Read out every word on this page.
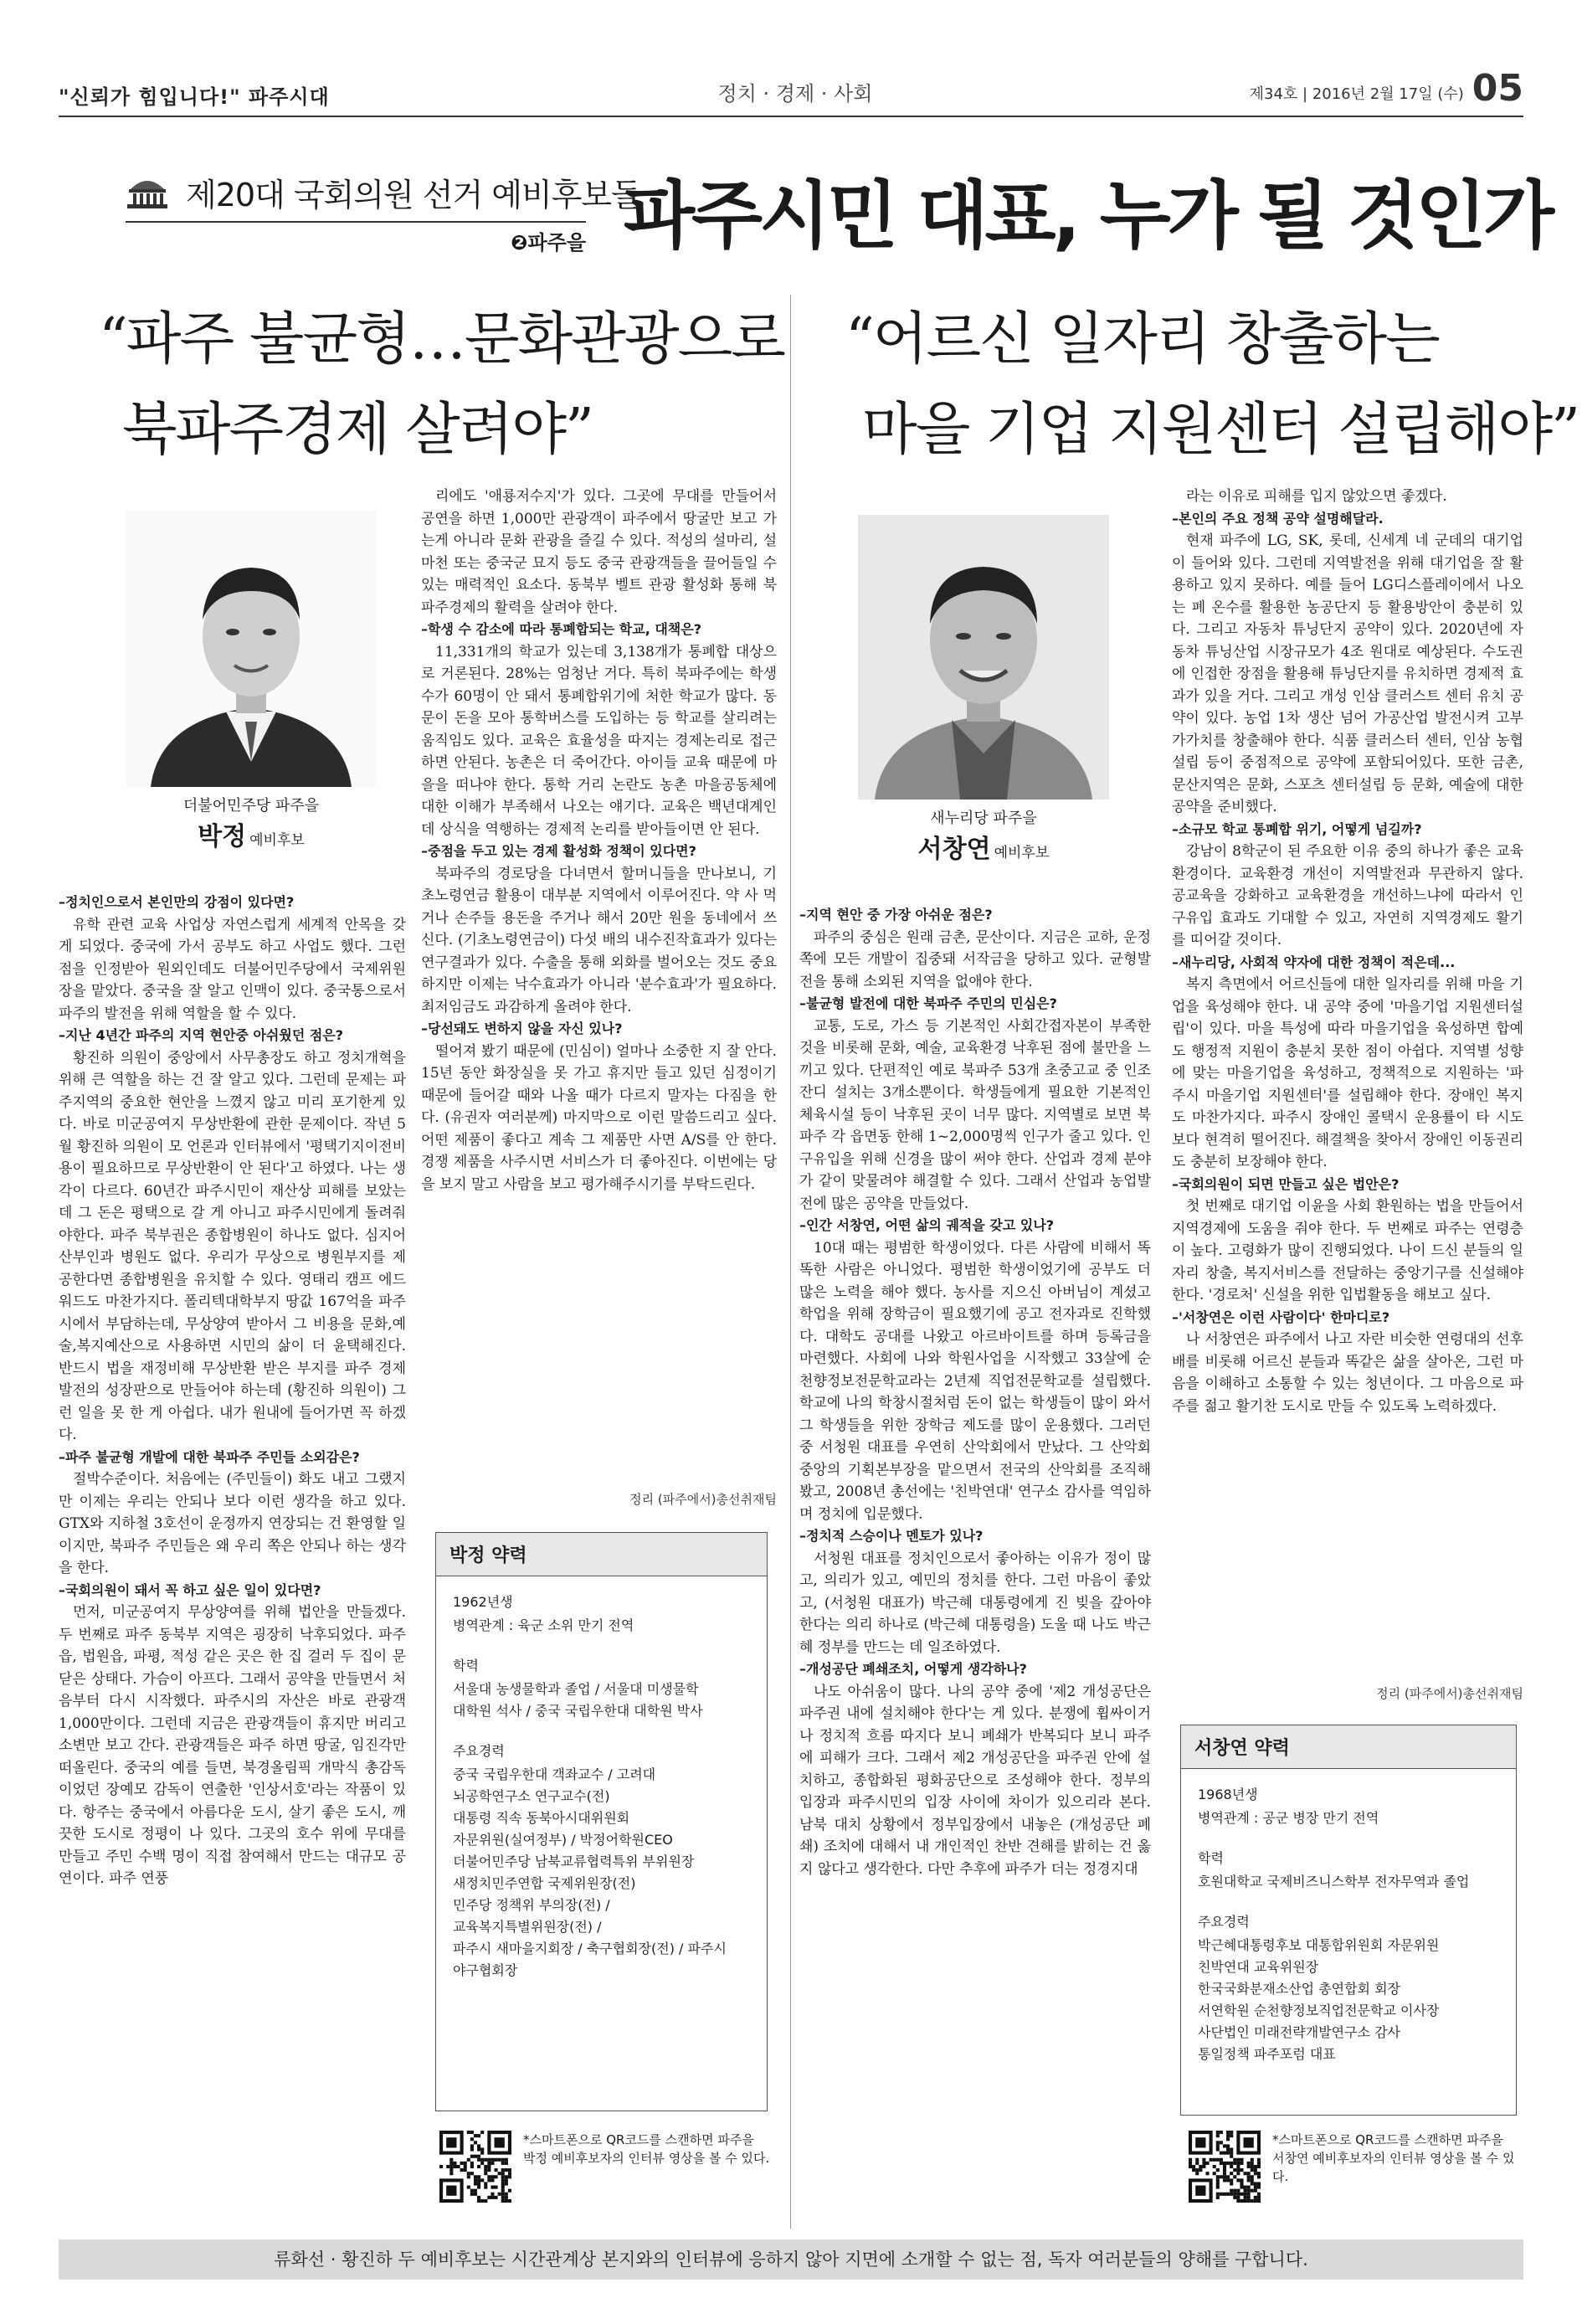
"신뢰가 힘입니다!" 파주시대	정치 · 경제 · 사회	제34호 | 2016년 2월 17일 (수) 05
제20대 국회의원 선거 예비후보들
❷파주을 파주시민 대표, 누가 될 것인가
“파주 불균형…문화관광으로
북파주경제 살려야”
더불어민주당 파주을
박정 예비후보

–정치인으로서 본인만의 강점이 있다면?

유학 관련 교육 사업상 자연스럽게 세계적 안목을 갖게 되었다. 중국에 가서 공부도 하고 사업도 했다. 그런 점을 인정받아 원외인데도 더불어민주당에서 국제위원장을 맡았다. 중국을 잘 알고 인맥이 있다. 중국통으로서 파주의 발전을 위해 역할을 할 수 있다.

–지난 4년간 파주의 지역 현안중 아쉬웠던 점은?

황진하 의원이 중앙에서 사무총장도 하고 정치개혁을 위해 큰 역할을 하는 건 잘 알고 있다. 그런데 문제는 파주지역의 중요한 현안을 느꼈지 않고 미리 포기한게 있다. 바로 미군공여지 무상반환에 관한 문제이다. 작년 5월 황진하 의원이 모 언론과 인터뷰에서 '평택기지이전비용이 필요하므로 무상반환이 안 된다'고 하였다. 나는 생각이 다르다. 60년간 파주시민이 재산상 피해를 보았는데 그 돈은 평택으로 갈 게 아니고 파주시민에게 돌려줘야한다. 파주 북부권은 종합병원이 하나도 없다. 심지어 산부인과 병원도 없다. 우리가 무상으로 병원부지를 제공한다면 종합병원을 유치할 수 있다. 영태리 캠프 에드워드도 마찬가지다. 폴리텍대학부지 땅값 167억을 파주시에서 부담하는데, 무상양여 받아서 그 비용을 문화,예술,복지예산으로 사용하면 시민의 삶이 더 윤택해진다. 반드시 법을 재정비해 무상반환 받은 부지를 파주 경제발전의 성장판으로 만들어야 하는데 (황진하 의원이) 그런 일을 못 한 게 아쉽다. 내가 원내에 들어가면 꼭 하겠다.

–파주 불균형 개발에 대한 북파주 주민들 소외감은?

절박수준이다. 처음에는 (주민들이) 화도 내고 그랬지만 이제는 우리는 안되나 보다 이런 생각을 하고 있다. GTX와 지하철 3호선이 운정까지 연장되는 건 환영할 일이지만, 북파주 주민들은 왜 우리 쪽은 안되나 하는 생각을 한다.

–국회의원이 돼서 꼭 하고 싶은 일이 있다면?

먼저, 미군공여지 무상양여를 위해 법안을 만들겠다. 두 번째로 파주 동북부 지역은 굉장히 낙후되었다. 파주읍, 법원읍, 파평, 적성 같은 곳은 한 집 걸러 두 집이 문 닫은 상태다. 가슴이 아프다. 그래서 공약을 만들면서 처음부터 다시 시작했다. 파주시의 자산은 바로 관광객 1,000만이다. 그런데 지금은 관광객들이 휴지만 버리고 소변만 보고 간다. 관광객들은 파주 하면 땅굴, 임진각만 떠올린다. 중국의 예를 들면, 북경올림픽 개막식 총감독이었던 장예모 감독이 연출한 '인상서호'라는 작품이 있다. 항주는 중국에서 아름다운 도시, 살기 좋은 도시, 깨끗한 도시로 정평이 나 있다. 그곳의 호수 위에 무대를 만들고 주민 수백 명이 직접 참여해서 만드는 대규모 공연이다. 파주 연풍

리에도 '애룡저수지'가 있다. 그곳에 무대를 만들어서 공연을 하면 1,000만 관광객이 파주에서 땅굴만 보고 가는게 아니라 문화 관광을 즐길 수 있다. 적성의 설마리, 설마천 또는 중국군 묘지 등도 중국 관광객들을 끌어들일 수 있는 매력적인 요소다. 동북부 벨트 관광 활성화 통해 북파주경제의 활력을 살려야 한다.

–학생 수 감소에 따라 통폐합되는 학교, 대책은?

11,331개의 학교가 있는데 3,138개가 통폐합 대상으로 거론된다. 28%는 엄청난 거다. 특히 북파주에는 학생 수가 60명이 안 돼서 통폐합위기에 처한 학교가 많다. 동문이 돈을 모아 통학버스를 도입하는 등 학교를 살리려는 움직임도 있다. 교육은 효율성을 따지는 경제논리로 접근하면 안된다. 농촌은 더 죽어간다. 아이들 교육 때문에 마을을 떠나야 한다. 통학 거리 논란도 농촌 마을공동체에 대한 이해가 부족해서 나오는 얘기다. 교육은 백년대계인데 상식을 역행하는 경제적 논리를 받아들이면 안 된다.

–중점을 두고 있는 경제 활성화 정책이 있다면?

북파주의 경로당을 다녀면서 할머니들을 만나보니, 기초노령연금 활용이 대부분 지역에서 이루어진다. 약 사 먹거나 손주들 용돈을 주거나 해서 20만 원을 동네에서 쓰신다. (기초노령연금이) 다섯 배의 내수진작효과가 있다는 연구결과가 있다. 수출을 통해 외화를 벌어오는 것도 중요하지만 이제는 낙수효과가 아니라 '분수효과'가 필요하다. 최저임금도 과감하게 올려야 한다.

–당선돼도 변하지 않을 자신 있나?

떨어져 봤기 때문에 (민심이) 얼마나 소중한 지 잘 안다. 15년 동안 화장실을 못 가고 휴지만 들고 있던 심정이기 때문에 들어갈 때와 나올 때가 다르지 말자는 다짐을 한다. (유권자 여러분께) 마지막으로 이런 말씀드리고 싶다. 어떤 제품이 좋다고 계속 그 제품만 사면 A/S를 안 한다. 경쟁 제품을 사주시면 서비스가 더 좋아진다. 이번에는 당을 보지 말고 사람을 보고 평가해주시기를 부탁드린다.

정리 (파주에서)총선취재팀
박정 약력
1962년생
병역관계 : 육군 소위 만기 전역
학력
서울대 농생물학과 졸업 / 서울대 미생물학
대학원 석사 / 중국 국립우한대 대학원 박사
주요경력
중국 국립우한대 객좌교수 / 고려대
뇌공학연구소 연구교수(전)
대통령 직속 동북아시대위원회
자문위원(실여정부) / 박정어학원CEO
더불어민주당 남북교류협력특위 부위원장
새정치민주연합 국제위원장(전)
민주당 정책위 부의장(전) /
교육복지특별위원장(전) /
파주시 새마을지회장 / 축구협회장(전) / 파주시
야구협회장
*스마트폰으로 QR코드를 스캔하면 파주을 박정 예비후보자의 인터뷰 영상을 볼 수 있다.
“어르신 일자리 창출하는
마을 기업 지원센터 설립해야”
새누리당 파주을
서창연 예비후보

–지역 현안 중 가장 아쉬운 점은?

파주의 중심은 원래 금촌, 문산이다. 지금은 교하, 운정쪽에 모든 개발이 집중돼 서작금을 당하고 있다. 균형발전을 통해 소외된 지역을 없애야 한다.

–불균형 발전에 대한 북파주 주민의 민심은?

교통, 도로, 가스 등 기본적인 사회간접자본이 부족한 것을 비롯해 문화, 예술, 교육환경 낙후된 점에 불만을 느끼고 있다. 단편적인 예로 북파주 53개 초중고교 중 인조잔디 설치는 3개소뿐이다. 학생들에게 필요한 기본적인 체육시설 등이 낙후된 곳이 너무 많다. 지역별로 보면 북파주 각 읍면동 한해 1~2,000명씩 인구가 줄고 있다. 인구유입을 위해 신경을 많이 써야 한다. 산업과 경제 분야가 같이 맞물려야 해결할 수 있다. 그래서 산업과 농업발전에 많은 공약을 만들었다.

–인간 서창연, 어떤 삶의 궤적을 갖고 있나?

10대 때는 평범한 학생이었다. 다른 사람에 비해서 똑똑한 사람은 아니었다. 평범한 학생이었기에 공부도 더 많은 노력을 해야 했다. 농사를 지으신 아버님이 계셨고 학업을 위해 장학금이 필요했기에 공고 전자과로 진학했다. 대학도 공대를 나왔고 아르바이트를 하며 등록금을 마련했다. 사회에 나와 학원사업을 시작했고 33살에 순천향정보전문학교라는 2년제 직업전문학교를 설립했다. 학교에 나의 학창시절처럼 돈이 없는 학생들이 많이 와서 그 학생들을 위한 장학금 제도를 많이 운용했다. 그러던 중 서청원 대표를 우연히 산악회에서 만났다. 그 산악회 중앙의 기획본부장을 맡으면서 전국의 산악회를 조직해봤고, 2008년 총선에는 '친박연대' 연구소 감사를 역임하며 정치에 입문했다.

–정치적 스승이나 멘토가 있나?

서청원 대표를 정치인으로서 좋아하는 이유가 정이 많고, 의리가 있고, 예민의 정치를 한다. 그런 마음이 좋았고, (서청원 대표가) 박근혜 대통령에게 진 빚을 갚아야 한다는 의리 하나로 (박근혜 대통령을) 도울 때 나도 박근혜 정부를 만드는 데 일조하였다.

–개성공단 폐쇄조치, 어떻게 생각하나?

나도 아쉬움이 많다. 나의 공약 중에 '제2 개성공단은 파주권 내에 설치해야 한다'는 게 있다. 분쟁에 휩싸이거나 정치적 흐름 따지다 보니 폐쇄가 반복되다 보니 파주에 피해가 크다. 그래서 제2 개성공단을 파주권 안에 설치하고, 종합화된 평화공단으로 조성해야 한다. 정부의 입장과 파주시민의 입장 사이에 차이가 있으리라 본다. 남북 대치 상황에서 정부입장에서 내놓은 (개성공단 폐쇄) 조치에 대해서 내 개인적인 찬반 견해를 밝히는 건 옳지 않다고 생각한다. 다만 추후에 파주가 더는 정경지대

라는 이유로 피해를 입지 않았으면 좋겠다.

–본인의 주요 정책 공약 설명해달라.

현재 파주에 LG, SK, 롯데, 신세계 네 군데의 대기업이 들어와 있다. 그런데 지역발전을 위해 대기업을 잘 활용하고 있지 못하다. 예를 들어 LG디스플레이에서 나오는 폐 온수를 활용한 농공단지 등 활용방안이 충분히 있다. 그리고 자동차 튜닝단지 공약이 있다. 2020년에 자동차 튜닝산업 시장규모가 4조 원대로 예상된다. 수도권에 인접한 장점을 활용해 튜닝단지를 유치하면 경제적 효과가 있을 거다. 그리고 개성 인삼 클러스트 센터 유치 공약이 있다. 농업 1차 생산 넘어 가공산업 발전시켜 고부가가치를 창출해야 한다. 식품 클러스터 센터, 인삼 농협 설립 등이 중점적으로 공약에 포함되어있다. 또한 금촌, 문산지역은 문화, 스포츠 센터설립 등 문화, 예술에 대한 공약을 준비했다.

–소규모 학교 통폐합 위기, 어떻게 넘길까?

강남이 8학군이 된 주요한 이유 중의 하나가 좋은 교육환경이다. 교육환경 개선이 지역발전과 무관하지 않다. 공교육을 강화하고 교육환경을 개선하느냐에 따라서 인구유입 효과도 기대할 수 있고, 자연히 지역경제도 활기를 띠어갈 것이다.

–새누리당, 사회적 약자에 대한 정책이 적은데...

복지 측면에서 어르신들에 대한 일자리를 위해 마을 기업을 육성해야 한다. 내 공약 중에 '마을기업 지원센터설립'이 있다. 마을 특성에 따라 마을기업을 육성하면 합예도 행정적 지원이 충분치 못한 점이 아쉽다. 지역별 성향에 맞는 마을기업을 육성하고, 정책적으로 지원하는 '파주시 마을기업 지원센터'를 설립해야 한다. 장애인 복지도 마찬가지다. 파주시 장애인 콜택시 운용률이 타 시도보다 현격히 떨어진다. 해결책을 찾아서 장애인 이동권리도 충분히 보장해야 한다.

–국회의원이 되면 만들고 싶은 법안은?

첫 번째로 대기업 이윤을 사회 환원하는 법을 만들어서 지역경제에 도움을 줘야 한다. 두 번째로 파주는 연령층이 높다. 고령화가 많이 진행되었다. 나이 드신 분들의 일자리 창출, 복지서비스를 전달하는 중앙기구를 신설해야 한다. '경로처' 신설을 위한 입법활동을 해보고 싶다.

–'서창연은 이런 사람이다' 한마디로?

나 서창연은 파주에서 나고 자란 비슷한 연령대의 선후배를 비롯해 어르신 분들과 똑같은 삶을 살아온, 그런 마음을 이해하고 소통할 수 있는 청년이다. 그 마음으로 파주를 젊고 활기찬 도시로 만들 수 있도록 노력하겠다.

정리 (파주에서)총선취재팀
서창연 약력
1968년생
병역관계 : 공군 병장 만기 전역
학력
호원대학교 국제비즈니스학부 전자무역과 졸업
주요경력
박근혜대통령후보 대통합위원회 자문위원
친박연대 교육위원장
한국국화분재소산업 총연합회 회장
서연학원 순천향정보직업전문학교 이사장
사단법인 미래전략개발연구소 감사
통일정책 파주포럼 대표
*스마트폰으로 QR코드를 스캔하면 파주을 서창연 예비후보자의 인터뷰 영상을 볼 수 있다.
류화선 · 황진하 두 예비후보는 시간관계상 본지와의 인터뷰에 응하지 않아 지면에 소개할 수 없는 점, 독자 여러분들의 양해를 구합니다.
